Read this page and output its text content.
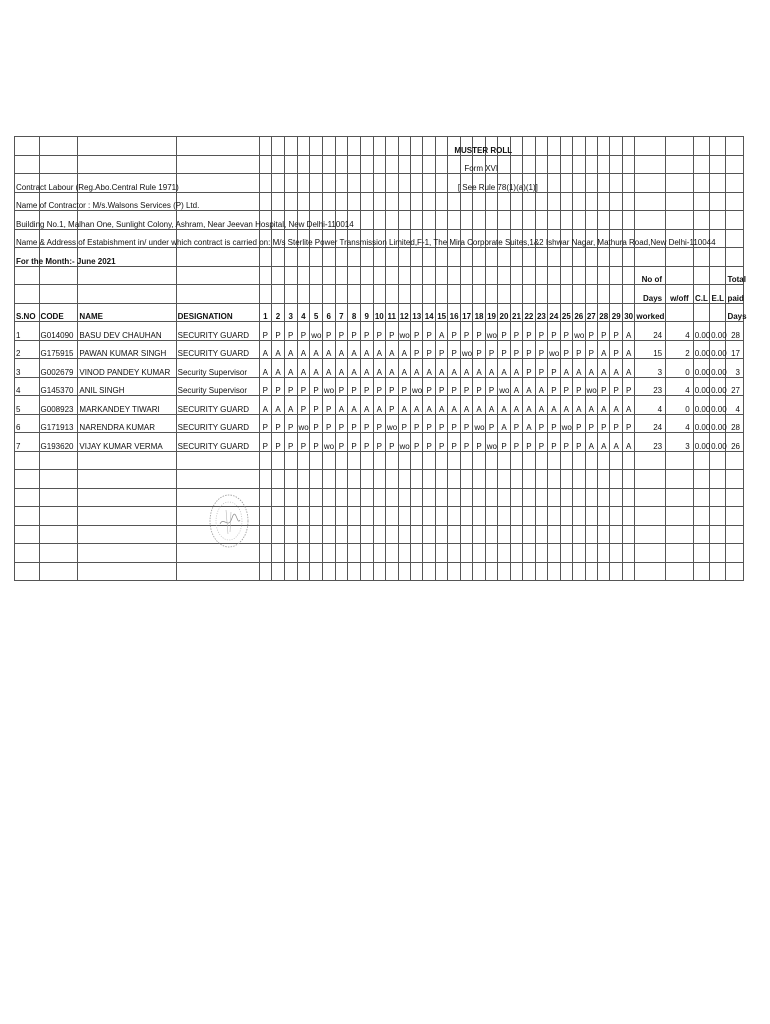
																					MUSTER ROLL																	
																					Form XVI																	
Contract Labour (Reg.Abo.Central Rule 1971)																				[ See Rule 78(1)(a)(1)]																		
Name of Contractor : M/s.Walsons Services (P) Ltd.																																						
Building No.1, Malhan One, Sunlight Colony, Ashram, Near Jeevan Hospital, New Delhi-110014																																						
Name & Address of Estabishment in/ under which contract is carried on: M/s Sterlite Power Transmission Limited,F-1, The Mira Corporate Suites,1&2 Ishwar Nagar, Mathura Road,New Delhi-110044																																						
For the Month:- June 2021																																						
																																		No of				Total
																																		Days	w/off	C.L	E.L	paid
S.NO	CODE	NAME	DESIGNATION	1	2	3	4	5	6	7	8	9	10	11	12	13	14	15	16	17	18	19	20	21	22	23	24	25	26	27	28	29	30	worked				Days
1	G014090	BASU DEV CHAUHAN	SECURITY GUARD	P	P	P	P	wo	P	P	P	P	P	P	wo	P	P	A	P	P	P	wo	P	P	P	P	P	P	wo	P	P	P	A	24	4	0.00	0.00	28
2	G175915	PAWAN KUMAR SINGH	SECURITY GUARD	A	A	A	A	A	A	A	A	A	A	A	A	P	P	P	P	wo	P	P	P	P	P	P	wo	P	P	P	A	P	A	15	2	0.00	0.00	17
3	G002679	VINOD PANDEY KUMAR	Security Supervisor	A	A	A	A	A	A	A	A	A	A	A	A	A	A	A	A	A	A	A	A	A	P	P	P	A	A	A	A	A	A	3	0	0.00	0.00	3
4	G145370	ANIL SINGH	Security Supervisor	P	P	P	P	P	wo	P	P	P	P	P	P	wo	P	P	P	P	P	P	wo	A	A	A	P	P	P	wo	P	P	P	23	4	0.00	0.00	27
5	G008923	MARKANDEY TIWARI	SECURITY GUARD	A	A	A	P	P	P	A	A	A	A	P	A	A	A	A	A	A	A	A	A	A	A	A	A	A	A	A	A	A	A	4	0	0.00	0.00	4
6	G171913	NARENDRA KUMAR	SECURITY GUARD	P	P	P	wo	P	P	P	P	P	P	wo	P	P	P	P	P	P	wo	P	A	P	A	P	P	wo	P	P	P	P	P	24	4	0.00	0.00	28
7	G193620	VIJAY KUMAR VERMA	SECURITY GUARD	P	P	P	P	P	wo	P	P	P	P	P	wo	P	P	P	P	P	P	wo	P	P	P	P	P	P	P	A	A	A	A	23	3	0.00	0.00	26
